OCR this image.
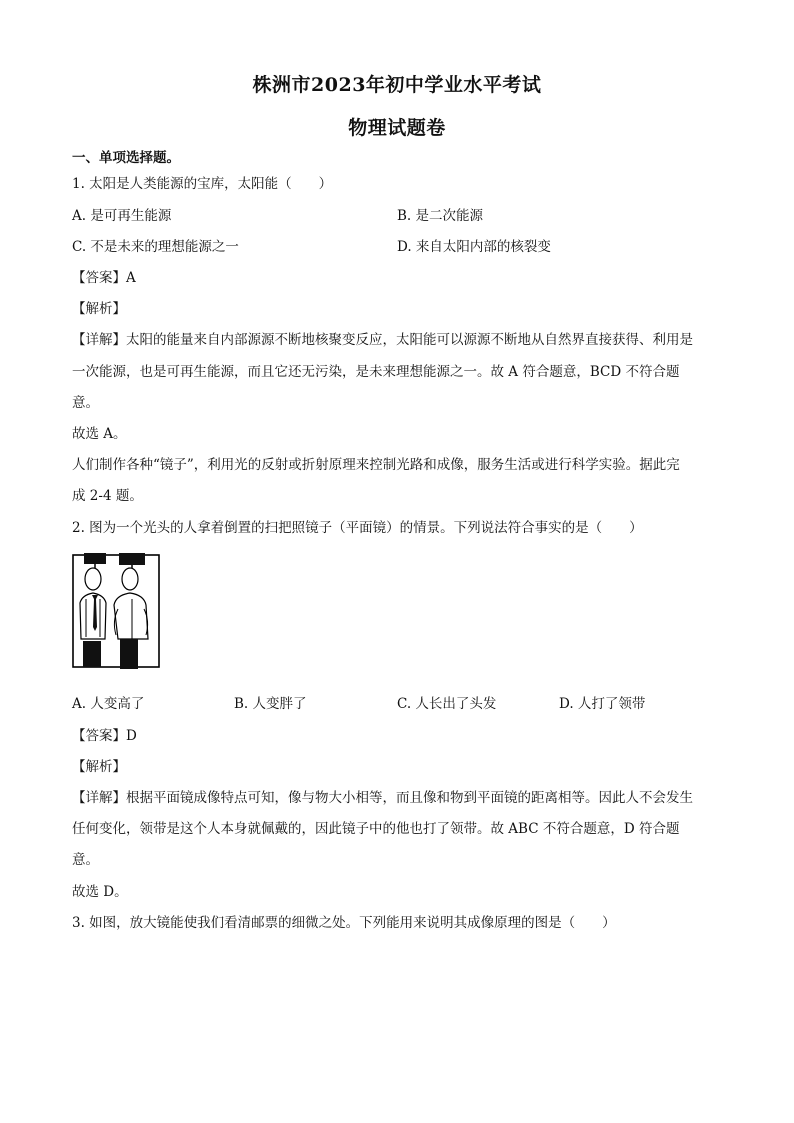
株洲市2023年初中学业水平考试
物理试题卷
一、单项选择题。
1. 太阳是人类能源的宝库，太阳能（　　）
A. 是可再生能源	B. 是二次能源
C. 不是未来的理想能源之一	D. 来自太阳内部的核裂变
【答案】A
【解析】
【详解】太阳的能量来自内部源源不断地核聚变反应，太阳能可以源源不断地从自然界直接获得、利用是
一次能源，也是可再生能源，而且它还无污染，是未来理想能源之一。故 A 符合题意，BCD 不符合题
意。
故选 A。
人们制作各种“镜子”，利用光的反射或折射原理来控制光路和成像，服务生活或进行科学实验。据此完
成 2-4 题。
2. 图为一个光头的人拿着倒置的扫把照镜子（平面镜）的情景。下列说法符合事实的是（　　）
A. 人变高了	B. 人变胖了	C. 人长出了头发	D. 人打了领带
【答案】D
【解析】
【详解】根据平面镜成像特点可知，像与物大小相等，而且像和物到平面镜的距离相等。因此人不会发生
任何变化，领带是这个人本身就佩戴的，因此镜子中的他也打了领带。故 ABC 不符合题意，D 符合题
意。
故选 D。
3. 如图，放大镜能使我们看清邮票的细微之处。下列能用来说明其成像原理的图是（　　）
